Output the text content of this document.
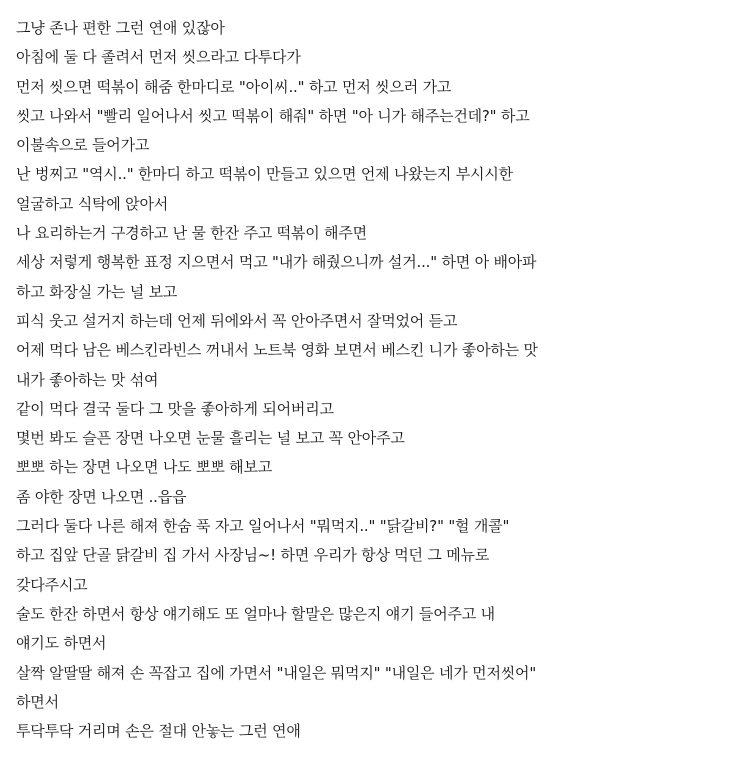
그냥 존나 편한 그런 연애 있잖아
아침에 둘 다 졸려서 먼저 씻으라고 다투다가
먼저 씻으면 떡볶이 해줌 한마디로 "아이씨.." 하고 먼저 씻으러 가고
씻고 나와서 "빨리 일어나서 씻고 떡볶이 해줘" 하면 "아 니가 해주는건데?" 하고
이불속으로 들어가고
난 벙찌고 "역시.." 한마디 하고 떡볶이 만들고 있으면 언제 나왔는지 부시시한
얼굴하고 식탁에 앉아서
나 요리하는거 구경하고 난 물 한잔 주고 떡볶이 해주면
세상 저렇게 행복한 표정 지으면서 먹고 "내가 해줬으니까 설거..." 하면 아 배아파
하고 화장실 가는 널 보고
피식 웃고 설거지 하는데 언제 뒤에와서 꼭 안아주면서 잘먹었어 듣고
어제 먹다 남은 베스킨라빈스 꺼내서 노트북 영화 보면서 베스킨 니가 좋아하는 맛
내가 좋아하는 맛 섞여
같이 먹다 결국 둘다 그 맛을 좋아하게 되어버리고
몇번 봐도 슬픈 장면 나오면 눈물 흘리는 널 보고 꼭 안아주고
뽀뽀 하는 장면 나오면 나도 뽀뽀 해보고
좀 야한 장면 나오면 ..읍읍
그러다 둘다 나른 해져 한숨 푹 자고 일어나서 "뭐먹지.." "닭갈비?" "헐 개콜"
하고 집앞 단골 닭갈비 집 가서 사장님~! 하면 우리가 항상 먹던 그 메뉴로
갖다주시고
술도 한잔 하면서 항상 얘기해도 또 얼마나 할말은 많은지 얘기 들어주고 내
얘기도 하면서
살짝 알딸딸 해져 손 꼭잡고 집에 가면서 "내일은 뭐먹지" "내일은 네가 먼저씻어"
하면서
투닥투닥 거리며 손은 절대 안놓는 그런 연애
